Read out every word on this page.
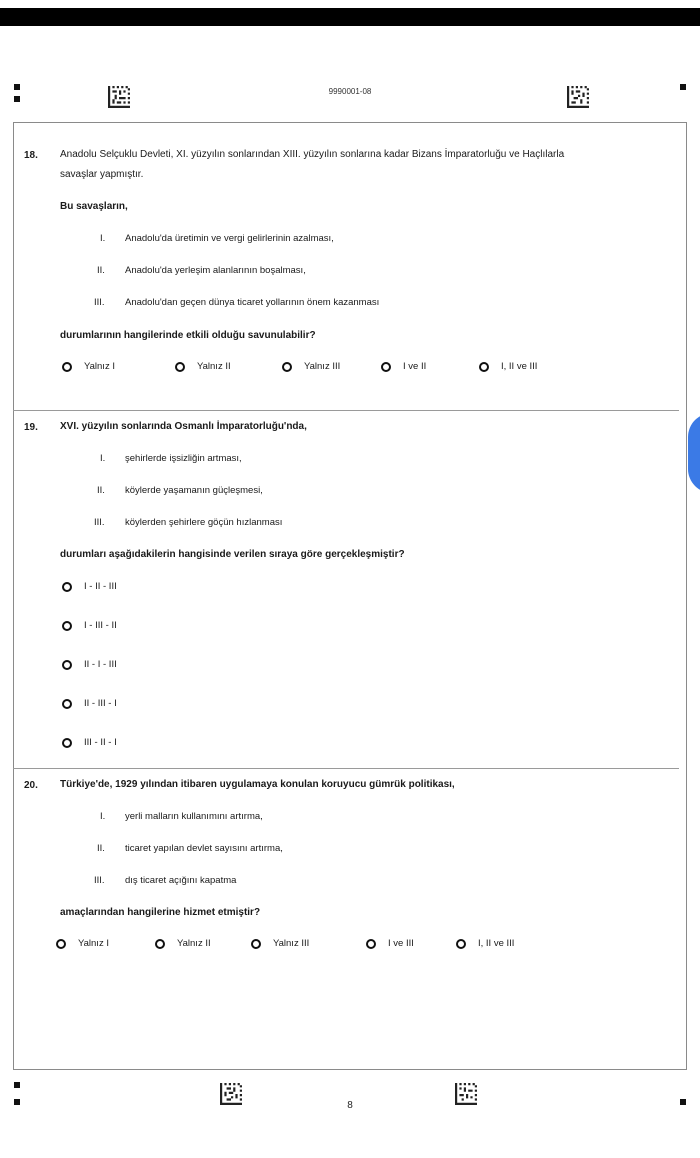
9990001-08
18. Anadolu Selçuklu Devleti, XI. yüzyılın sonlarından XIII. yüzyılın sonlarına kadar Bizans İmparatorluğu ve Haçlılarla
savaşlar yapmıştır.
Bu savaşların,
I. Anadolu'da üretimin ve vergi gelirlerinin azalması,
II. Anadolu'da yerleşim alanlarının boşalması,
III. Anadolu'dan geçen dünya ticaret yollarının önem kazanması
durumlarının hangilerinde etkili olduğu savunulabilir?
Yalnız I	Yalnız II	Yalnız III	I ve II	I, II ve III
19. XVI. yüzyılın sonlarında Osmanlı İmparatorluğu'nda,
I. şehirlerde işsizliğin artması,
II. köylerde yaşamanın güçleşmesi,
III. köylerden şehirlere göçün hızlanması
durumları aşağıdakilerin hangisinde verilen sıraya göre gerçekleşmiştir?
I - II - III
I - III - II
II - I - III
II - III - I
III - II - I
20. Türkiye'de, 1929 yılından itibaren uygulamaya konulan koruyucu gümrük politikası,
I. yerli malların kullanımını artırma,
II. ticaret yapılan devlet sayısını artırma,
III. dış ticaret açığını kapatma
amaçlarından hangilerine hizmet etmiştir?
Yalnız I	Yalnız II	Yalnız III	I ve III	I, II ve III
8
